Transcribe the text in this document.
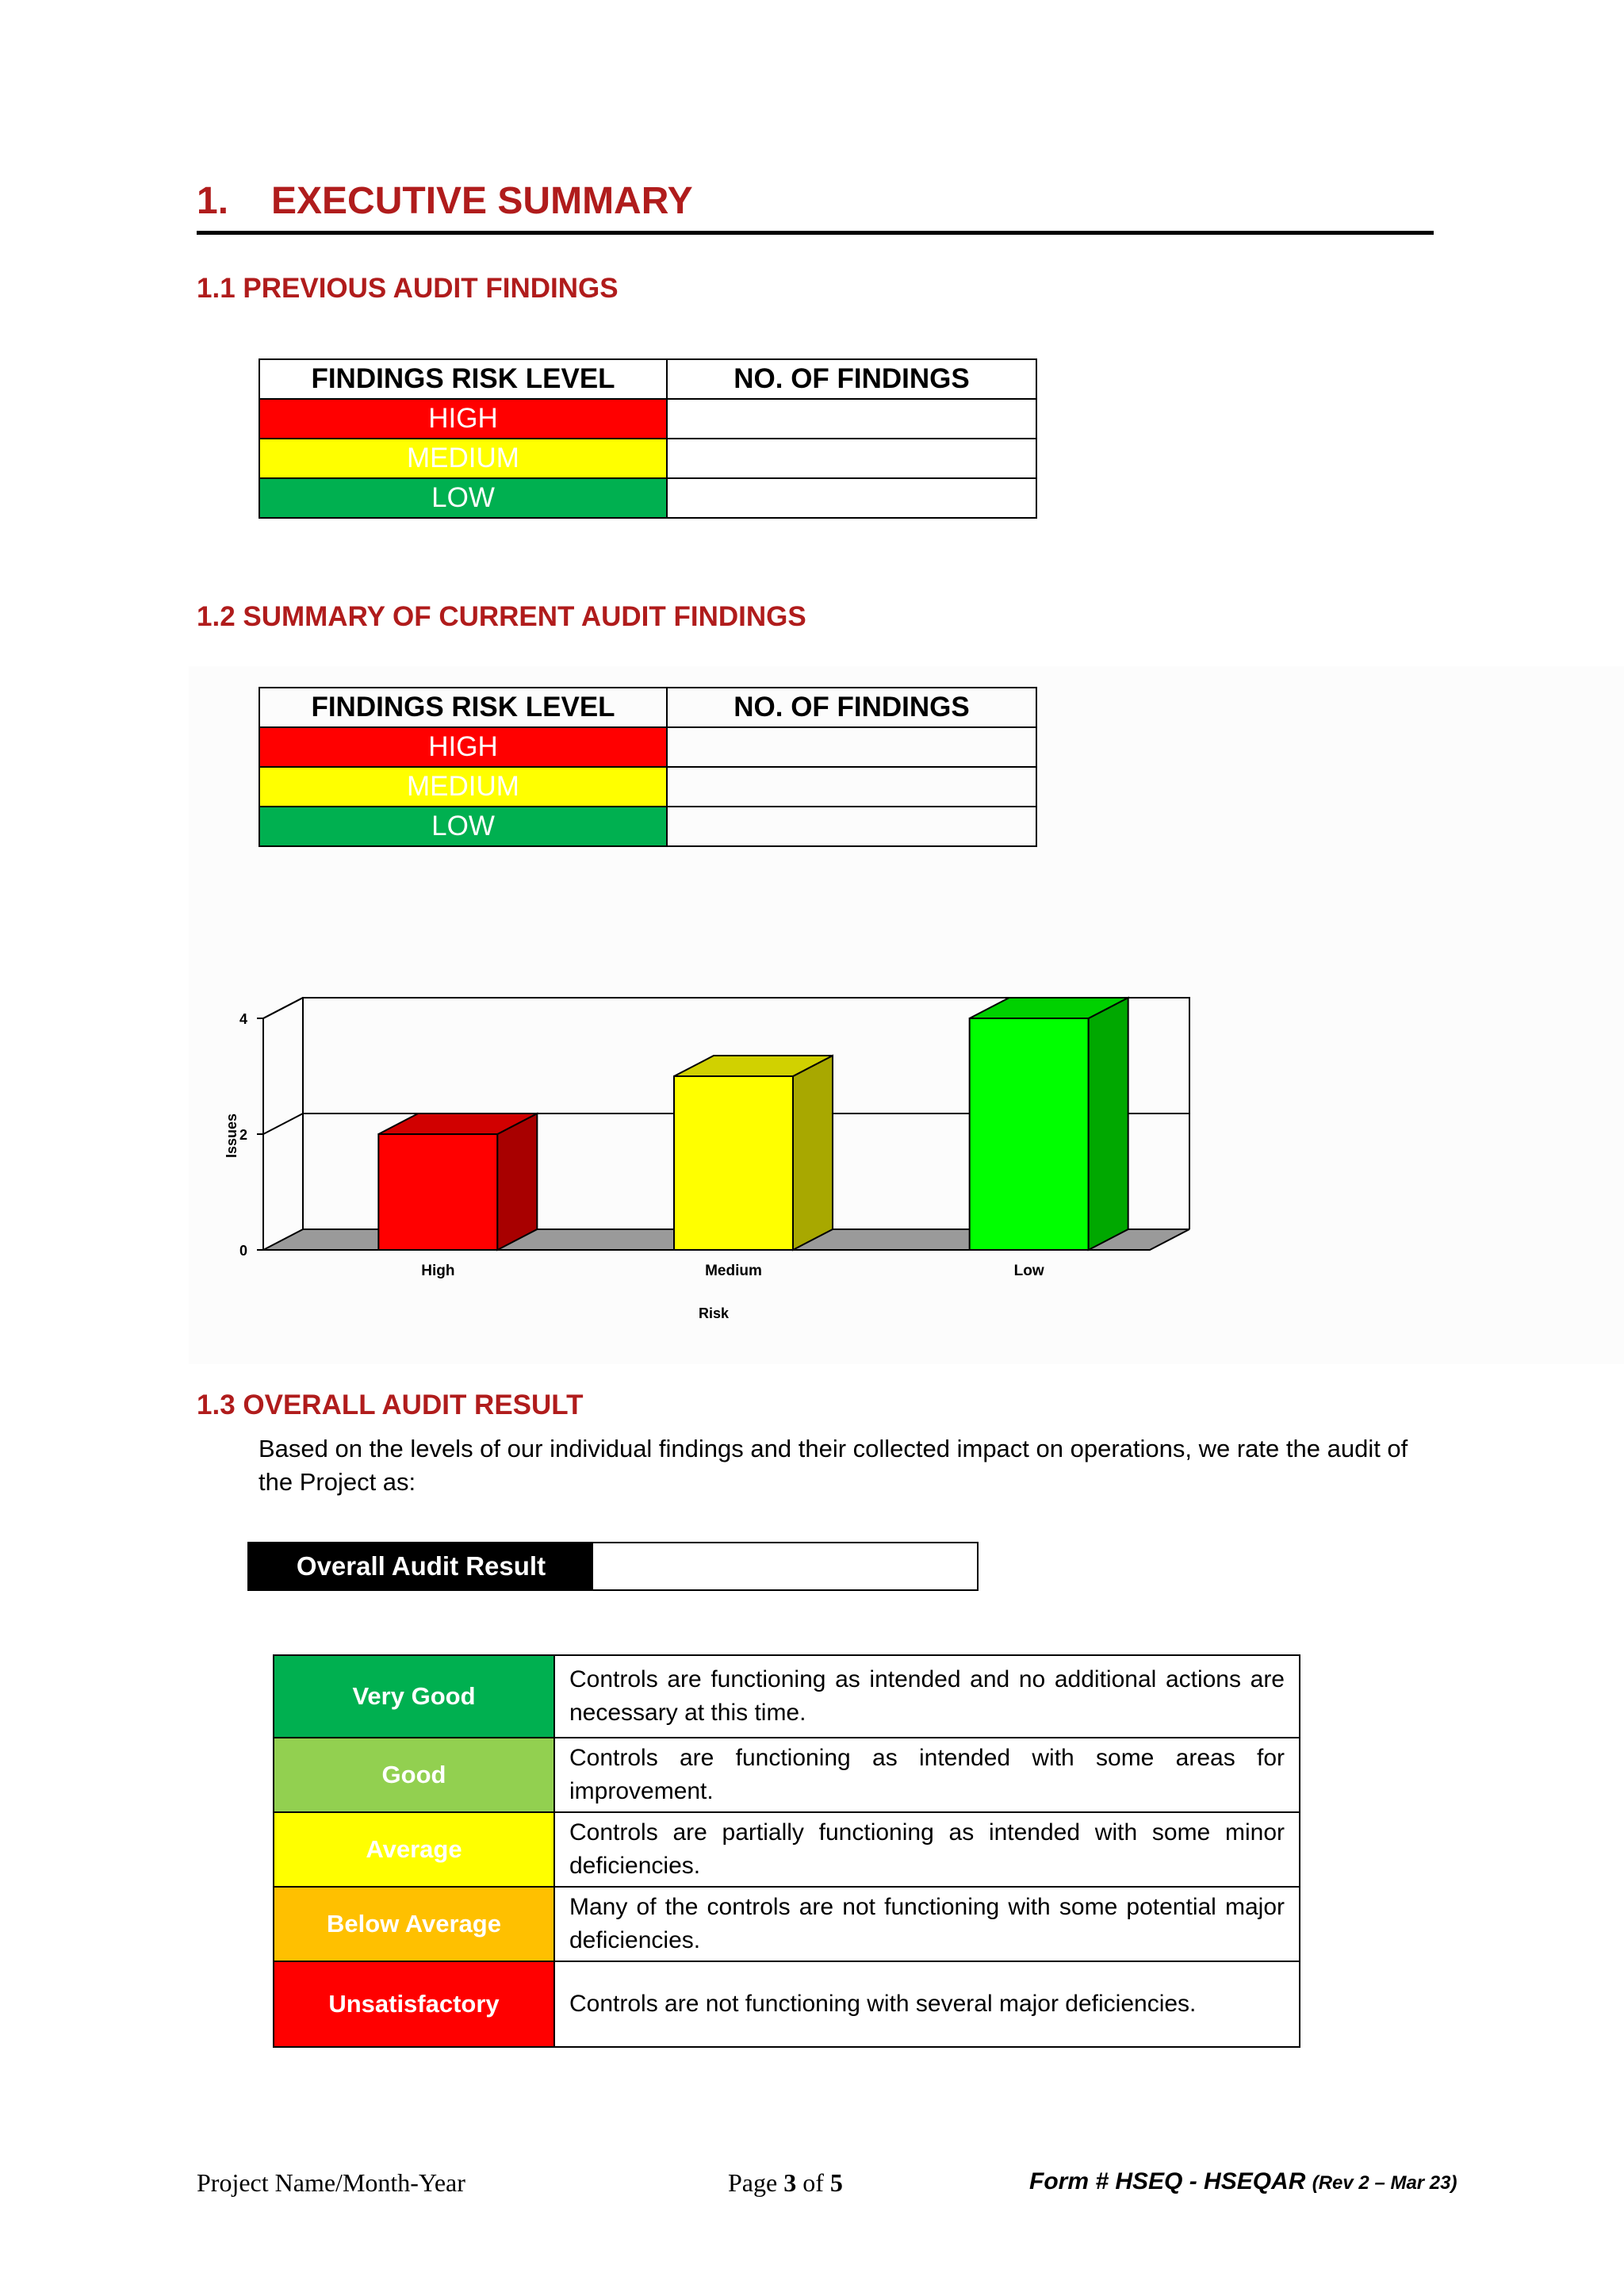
1. EXECUTIVE SUMMARY
1.1 PREVIOUS AUDIT FINDINGS
FINDINGS RISK LEVEL	NO. OF FINDINGS
HIGH	
MEDIUM	
LOW	
1.2 SUMMARY OF CURRENT AUDIT FINDINGS
FINDINGS RISK LEVEL	NO. OF FINDINGS
HIGH	
MEDIUM	
LOW	
0
2
4
Issues
High	Medium	Low
Risk
1.3 OVERALL AUDIT RESULT
Based on the levels of our individual findings and their collected impact on operations, we rate the audit of the Project as:
Overall Audit Result
Very Good	Controls are functioning as intended and no additional actions are necessary at this time.
Good	Controls are functioning as intended with some areas for improvement.
Average	Controls are partially functioning as intended with some minor deficiencies.
Below Average	Many of the controls are not functioning with some potential major deficiencies.
Unsatisfactory	Controls are not functioning with several major deficiencies.
Project Name/Month-Year	Page 3 of 5	Form # HSEQ - HSEQAR (Rev 2 – Mar 23)
